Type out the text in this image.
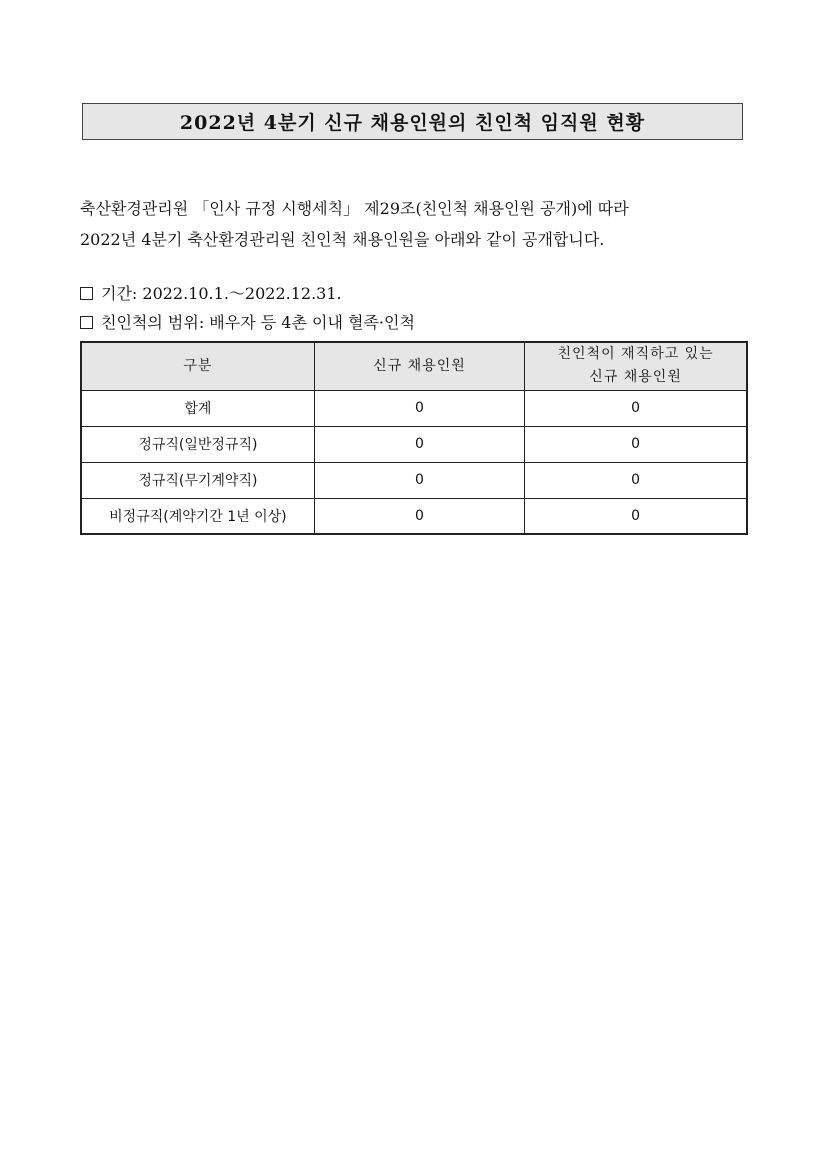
2022년 4분기 신규 채용인원의 친인척 임직원 현황

축산환경관리원 「인사 규정 시행세칙」 제29조(친인척 채용인원 공개)에 따라
2022년 4분기 축산환경관리원 친인척 채용인원을 아래와 같이 공개합니다.

기간: 2022.10.1.～2022.12.31.

친인척의 범위: 배우자 등 4촌 이내 혈족·인척

구분	신규 채용인원	친인척이 재직하고 있는
신규 채용인원
합계	0	0
정규직(일반정규직)	0	0
정규직(무기계약직)	0	0
비정규직(계약기간 1년 이상)	0	0
